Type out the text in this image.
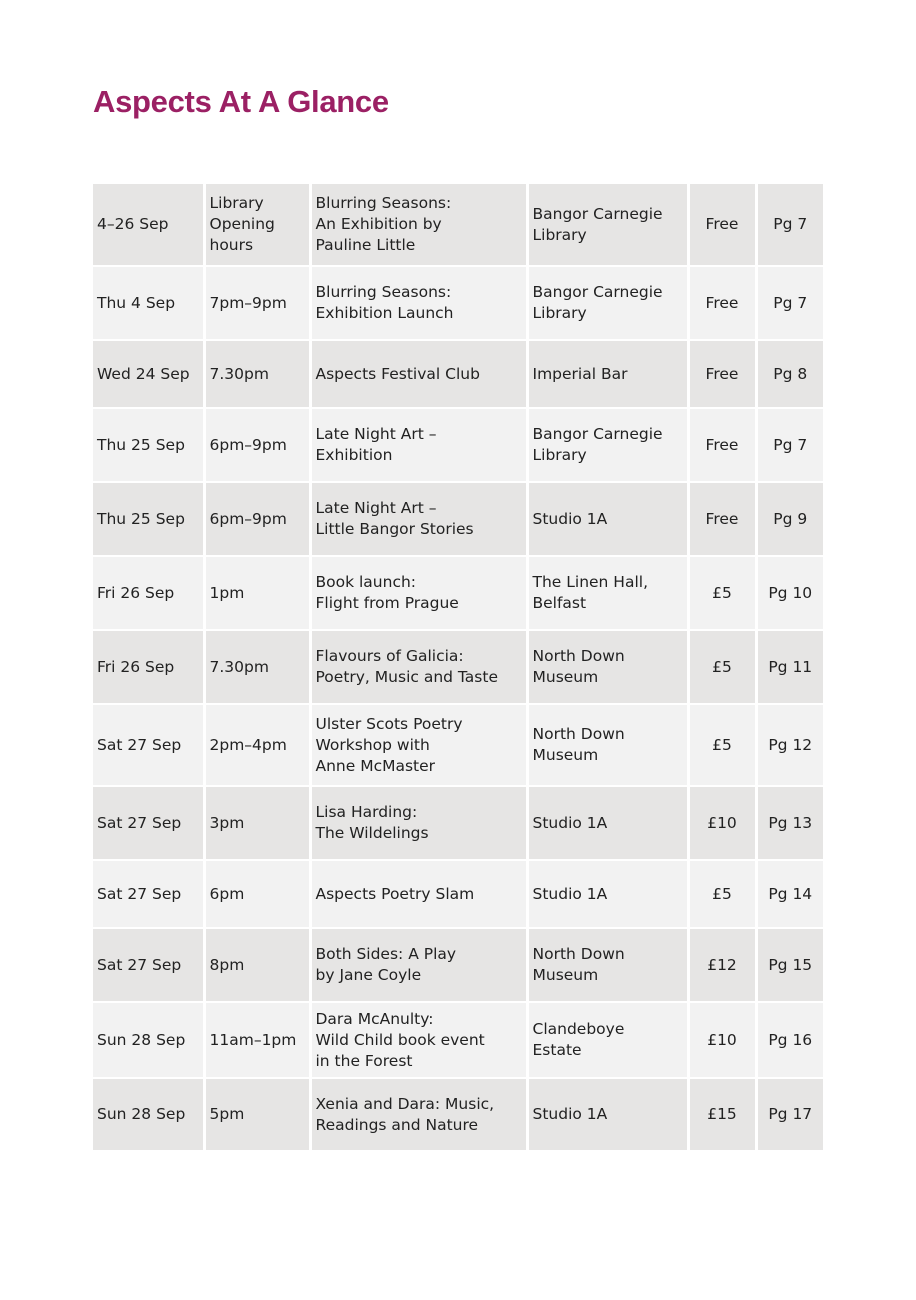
Aspects At A Glance
4–26 Sep	Library
Opening
hours	Blurring Seasons:
An Exhibition by
Pauline Little	Bangor Carnegie
Library	Free	Pg 7
Thu 4 Sep	7pm–9pm	Blurring Seasons:
Exhibition Launch	Bangor Carnegie
Library	Free	Pg 7
Wed 24 Sep	7.30pm	Aspects Festival Club	Imperial Bar	Free	Pg 8
Thu 25 Sep	6pm–9pm	Late Night Art –
Exhibition	Bangor Carnegie
Library	Free	Pg 7
Thu 25 Sep	6pm–9pm	Late Night Art –
Little Bangor Stories	Studio 1A	Free	Pg 9
Fri 26 Sep	1pm	Book launch:
Flight from Prague	The Linen Hall,
Belfast	£5	Pg 10
Fri 26 Sep	7.30pm	Flavours of Galicia:
Poetry, Music and Taste	North Down
Museum	£5	Pg 11
Sat 27 Sep	2pm–4pm	Ulster Scots Poetry
Workshop with
Anne McMaster	North Down
Museum	£5	Pg 12
Sat 27 Sep	3pm	Lisa Harding:
The Wildelings	Studio 1A	£10	Pg 13
Sat 27 Sep	6pm	Aspects Poetry Slam	Studio 1A	£5	Pg 14
Sat 27 Sep	8pm	Both Sides: A Play
by Jane Coyle	North Down
Museum	£12	Pg 15
Sun 28 Sep	11am–1pm	Dara McAnulty:
Wild Child book event
in the Forest	Clandeboye
Estate	£10	Pg 16
Sun 28 Sep	5pm	Xenia and Dara: Music,
Readings and Nature	Studio 1A	£15	Pg 17
